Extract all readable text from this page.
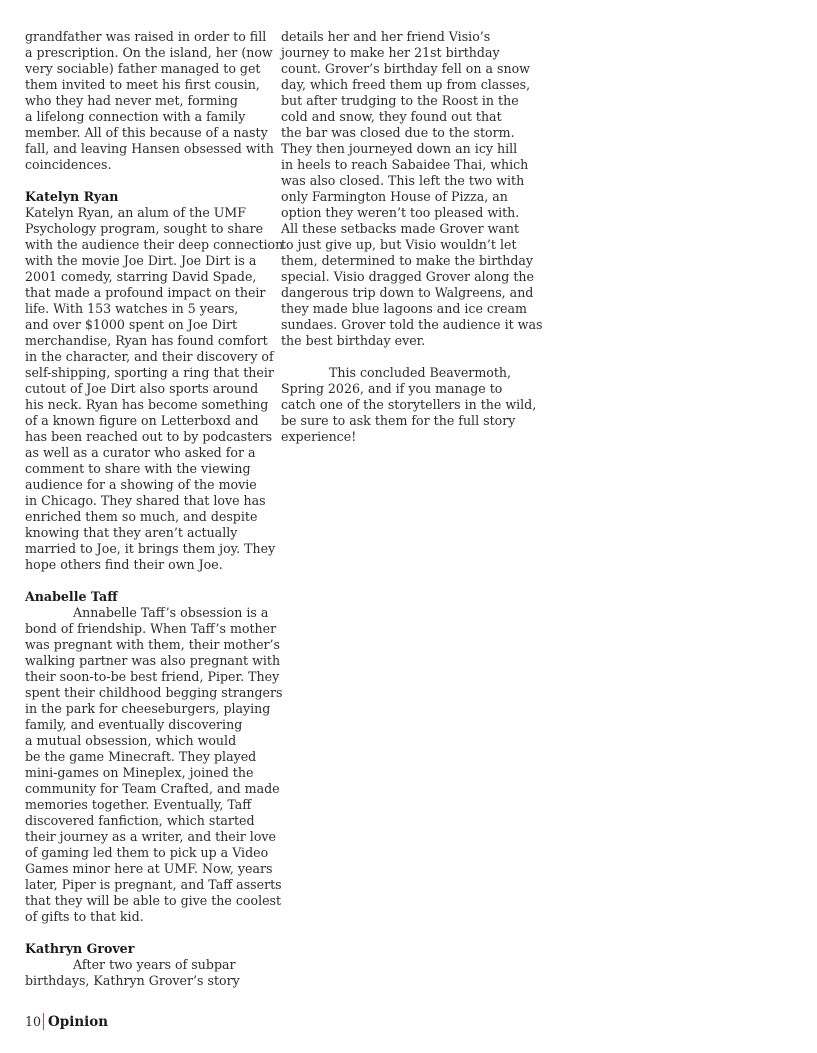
grandfather was raised in order to fill
a prescription. On the island, her (now
very sociable) father managed to get
them invited to meet his first cousin,
who they had never met, forming
a lifelong connection with a family
member. All of this because of a nasty
fall, and leaving Hansen obsessed with
coincidences.
Katelyn Ryan
Katelyn Ryan, an alum of the UMF
Psychology program, sought to share
with the audience their deep connection
with the movie Joe Dirt. Joe Dirt is a
2001 comedy, starring David Spade,
that made a profound impact on their
life. With 153 watches in 5 years,
and over $1000 spent on Joe Dirt
merchandise, Ryan has found comfort
in the character, and their discovery of
self-shipping, sporting a ring that their
cutout of Joe Dirt also sports around
his neck. Ryan has become something
of a known figure on Letterboxd and
has been reached out to by podcasters
as well as a curator who asked for a
comment to share with the viewing
audience for a showing of the movie
in Chicago. They shared that love has
enriched them so much, and despite
knowing that they aren’t actually
married to Joe, it brings them joy. They
hope others find their own Joe.
Anabelle Taff
Annabelle Taff’s obsession is a
bond of friendship. When Taff’s mother
was pregnant with them, their mother’s
walking partner was also pregnant with
their soon-to-be best friend, Piper. They
spent their childhood begging strangers
in the park for cheeseburgers, playing
family, and eventually discovering
a mutual obsession, which would
be the game Minecraft. They played
mini-games on Mineplex, joined the
community for Team Crafted, and made
memories together. Eventually, Taff
discovered fanfiction, which started
their journey as a writer, and their love
of gaming led them to pick up a Video
Games minor here at UMF. Now, years
later, Piper is pregnant, and Taff asserts
that they will be able to give the coolest
of gifts to that kid.
Kathryn Grover
After two years of subpar
birthdays, Kathryn Grover’s story
details her and her friend Visio’s
journey to make her 21st birthday
count. Grover’s birthday fell on a snow
day, which freed them up from classes,
but after trudging to the Roost in the
cold and snow, they found out that
the bar was closed due to the storm.
They then journeyed down an icy hill
in heels to reach Sabaidee Thai, which
was also closed. This left the two with
only Farmington House of Pizza, an
option they weren’t too pleased with.
All these setbacks made Grover want
to just give up, but Visio wouldn’t let
them, determined to make the birthday
special. Visio dragged Grover along the
dangerous trip down to Walgreens, and
they made blue lagoons and ice cream
sundaes. Grover told the audience it was
the best birthday ever.
This concluded Beavermoth,
Spring 2026, and if you manage to
catch one of the storytellers in the wild,
be sure to ask them for the full story
experience!
10 Opinion
